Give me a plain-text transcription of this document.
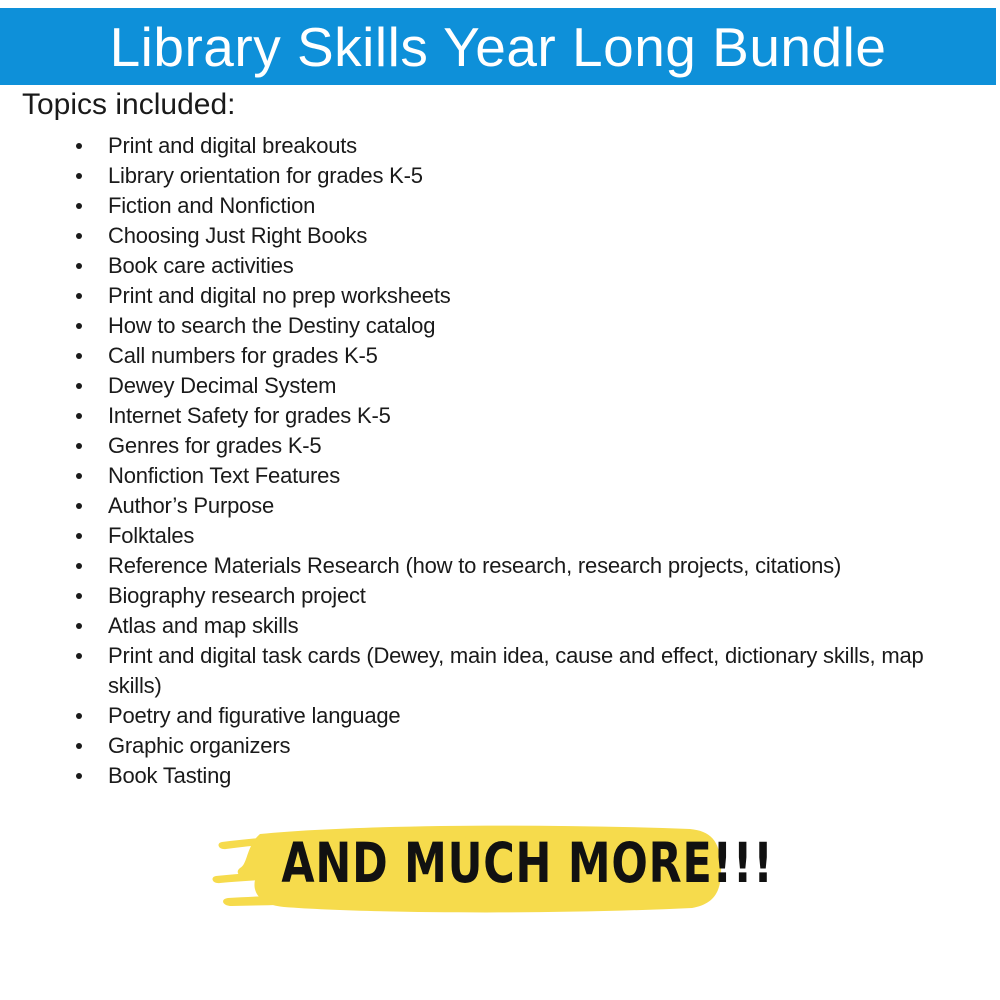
Library Skills Year Long Bundle
Topics included:
Print and digital breakouts
Library orientation for grades K-5
Fiction and Nonfiction
Choosing Just Right Books
Book care activities
Print and digital no prep worksheets
How to search the Destiny catalog
Call numbers for grades K-5
Dewey Decimal System
Internet Safety for grades K-5
Genres for grades K-5
Nonfiction Text Features
Author’s Purpose
Folktales
Reference Materials Research (how to research, research projects, citations)
Biography research project
Atlas and map skills
Print and digital task cards (Dewey, main idea, cause and effect, dictionary skills, map skills)
Poetry and figurative language
Graphic organizers
Book Tasting
AND MUCH MORE!!!
